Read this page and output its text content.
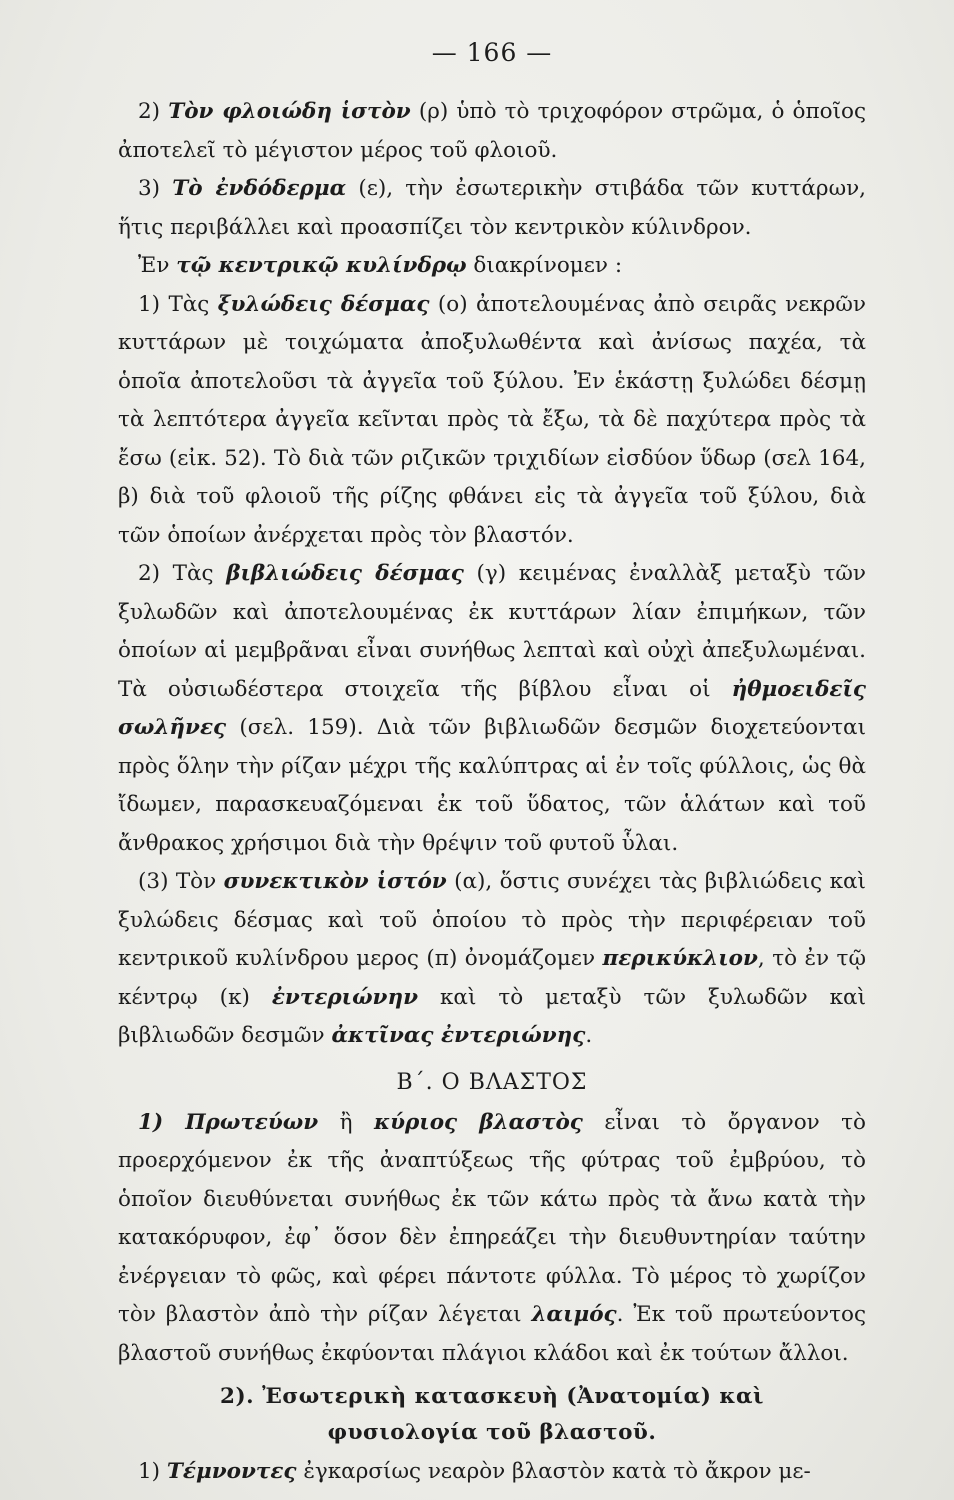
— 166 —

2) Τὸν φλοιώδη ἱστὸν (ρ) ὑπὸ τὸ τριχοφόρον στρῶμα, ὁ ὁποῖος ἀποτελεῖ τὸ μέγιστον μέρος τοῦ φλοιοῦ.

3) Τὸ ἐνδόδερμα (ε), τὴν ἐσωτερικὴν στιβάδα τῶν κυττάρων, ἥτις περιβάλλει καὶ προασπίζει τὸν κεντρικὸν κύλινδρον.

Ἐν τῷ κεντρικῷ κυλίνδρῳ διακρίνομεν :

1) Τὰς ξυλώδεις δέσμας (ο) ἀποτελουμένας ἀπὸ σειρᾶς νεκρῶν κυττάρων μὲ τοιχώματα ἀποξυλωθέντα καὶ ἀνίσως παχέα, τὰ ὁποῖα ἀποτελοῦσι τὰ ἀγγεῖα τοῦ ξύλου. Ἐν ἑκάστῃ ξυλώδει δέσμῃ τὰ λεπτότερα ἀγγεῖα κεῖνται πρὸς τὰ ἔξω, τὰ δὲ παχύτερα πρὸς τὰ ἔσω (εἰκ. 52). Τὸ διὰ τῶν ριζικῶν τριχιδίων εἰσδύον ὕδωρ (σελ 164, β) διὰ τοῦ φλοιοῦ τῆς ρίζης φθάνει εἰς τὰ ἀγγεῖα τοῦ ξύλου, διὰ τῶν ὁποίων ἀνέρχεται πρὸς τὸν βλαστόν.

2) Τὰς βιβλιώδεις δέσμας (γ) κειμένας ἐναλλὰξ μεταξὺ τῶν ξυλωδῶν καὶ ἀποτελουμένας ἐκ κυττάρων λίαν ἐπιμήκων, τῶν ὁποίων αἱ μεμβρᾶναι εἶναι συνήθως λεπταὶ καὶ οὐχὶ ἀπεξυλωμέναι. Τὰ οὐσιωδέστερα στοιχεῖα τῆς βίβλου εἶναι οἱ ἠθμοειδεῖς σωλῆνες (σελ. 159). Διὰ τῶν βιβλιωδῶν δεσμῶν διοχετεύονται πρὸς ὅλην τὴν ρίζαν μέχρι τῆς καλύπτρας αἱ ἐν τοῖς φύλλοις, ὡς θὰ ἴδωμεν, παρασκευαζόμεναι ἐκ τοῦ ὕδατος, τῶν ἁλάτων καὶ τοῦ ἄνθρακος χρήσιμοι διὰ τὴν θρέψιν τοῦ φυτοῦ ὗλαι.

(3) Τὸν συνεκτικὸν ἱστόν (α), ὅστις συνέχει τὰς βιβλιώδεις καὶ ξυλώδεις δέσμας καὶ τοῦ ὁποίου τὸ πρὸς τὴν περιφέρειαν τοῦ κεντρικοῦ κυλίνδρου μερος (π) ὀνομάζομεν περικύκλιον, τὸ ἐν τῷ κέντρῳ (κ) ἐντεριώνην καὶ τὸ μεταξὺ τῶν ξυλωδῶν καὶ βιβλιωδῶν δεσμῶν ἀκτῖνας ἐντεριώνης.

Β΄. Ο ΒΛΑΣΤΟΣ

1) Πρωτεύων ἢ κύριος βλαστὸς εἶναι τὸ ὄργανον τὸ προερχόμενον ἐκ τῆς ἀναπτύξεως τῆς φύτρας τοῦ ἐμβρύου, τὸ ὁποῖον διευθύνεται συνήθως ἐκ τῶν κάτω πρὸς τὰ ἄνω κατὰ τὴν κατακόρυφον, ἐφ᾿ ὅσον δὲν ἐπηρεάζει τὴν διευθυντηρίαν ταύτην ἐνέργειαν τὸ φῶς, καὶ φέρει πάντοτε φύλλα. Τὸ μέρος τὸ χωρίζον τὸν βλαστὸν ἀπὸ τὴν ρίζαν λέγεται λαιμός. Ἐκ τοῦ πρωτεύοντος βλαστοῦ συνήθως ἐκφύονται πλάγιοι κλάδοι καὶ ἐκ τούτων ἄλλοι.

2). Ἐσωτερικὴ κατασκευὴ (Ἀνατομία) καὶ
φυσιολογία τοῦ βλαστοῦ.

1) Τέμνοντες ἐγκαρσίως νεαρὸν βλαστὸν κατὰ τὸ ἄκρον με-
